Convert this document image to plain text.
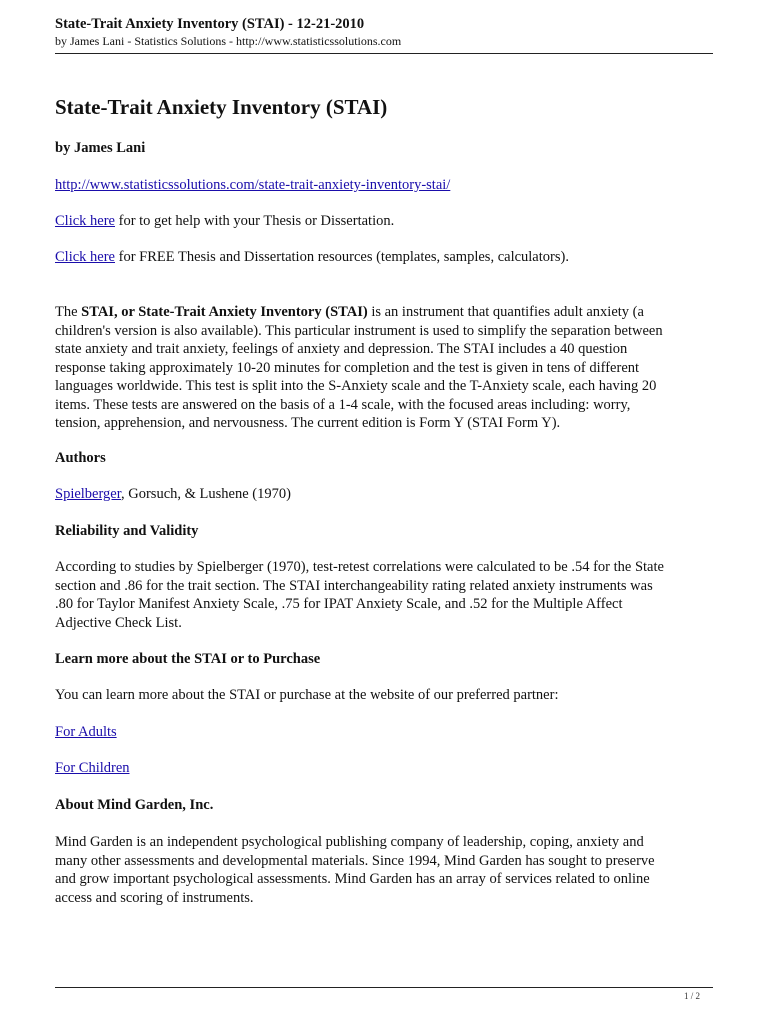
State-Trait Anxiety Inventory (STAI) - 12-21-2010
by James Lani - Statistics Solutions - http://www.statisticssolutions.com
State-Trait Anxiety Inventory (STAI)
by James Lani
http://www.statisticssolutions.com/state-trait-anxiety-inventory-stai/
Click here for to get help with your Thesis or Dissertation.
Click here for FREE Thesis and Dissertation resources (templates, samples, calculators).
The STAI, or State-Trait Anxiety Inventory (STAI) is an instrument that quantifies adult anxiety (a
children's version is also available). This particular instrument is used to simplify the separation between
state anxiety and trait anxiety, feelings of anxiety and depression. The STAI includes a 40 question
response taking approximately 10-20 minutes for completion and the test is given in tens of different
languages worldwide. This test is split into the S-Anxiety scale and the T-Anxiety scale, each having 20
items. These tests are answered on the basis of a 1-4 scale, with the focused areas including: worry,
tension, apprehension, and nervousness. The current edition is Form Y (STAI Form Y).
Authors
Spielberger, Gorsuch, & Lushene (1970)
Reliability and Validity
According to studies by Spielberger (1970), test-retest correlations were calculated to be .54 for the State
section and .86 for the trait section. The STAI interchangeability rating related anxiety instruments was
.80 for Taylor Manifest Anxiety Scale, .75 for IPAT Anxiety Scale, and .52 for the Multiple Affect
Adjective Check List.
Learn more about the STAI or to Purchase
You can learn more about the STAI or purchase at the website of our preferred partner:
For Adults
For Children
About Mind Garden, Inc.
Mind Garden is an independent psychological publishing company of leadership, coping, anxiety and
many other assessments and developmental materials. Since 1994, Mind Garden has sought to preserve
and grow important psychological assessments. Mind Garden has an array of services related to online
access and scoring of instruments.
1 / 2
